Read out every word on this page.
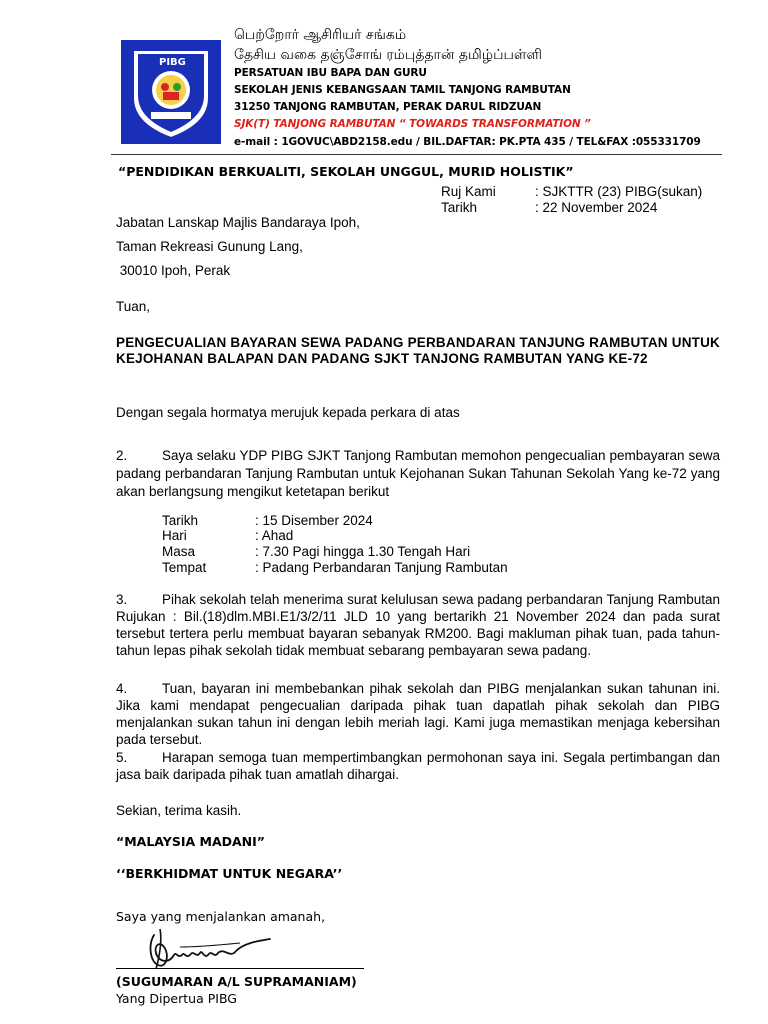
PIBG
பெற்றோர் ஆசிரியர் சங்கம்
தேசிய வகை தஞ்சோங் ரம்புத்தான் தமிழ்ப்பள்ளி
PERSATUAN IBU BAPA DAN GURU
SEKOLAH JENIS KEBANGSAAN TAMIL TANJONG RAMBUTAN
31250 TANJONG RAMBUTAN, PERAK DARUL RIDZUAN
SJK(T) TANJONG RAMBUTAN “ TOWARDS TRANSFORMATION ”
e-mail : 1GOVUC\ABD2158.edu / BIL.DAFTAR: PK.PTA 435 / TEL&FAX :055331709
“PENDIDIKAN BERKUALITI, SEKOLAH UNGGUL, MURID HOLISTIK”
Ruj Kami	: SJKTTR (23) PIBG(sukan)
Tarikh	: 22 November 2024
Jabatan Lanskap Majlis Bandaraya Ipoh,
Taman Rekreasi Gunung Lang,
30010 Ipoh, Perak
Tuan,
PENGECUALIAN BAYARAN SEWA PADANG PERBANDARAN TANJUNG RAMBUTAN UNTUK KEJOHANAN BALAPAN DAN PADANG SJKT TANJONG RAMBUTAN YANG KE-72
Dengan segala hormatya merujuk kepada perkara di atas
2.	Saya selaku YDP PIBG SJKT Tanjong Rambutan memohon pengecualian pembayaran sewa padang perbandaran Tanjung Rambutan untuk Kejohanan Sukan Tahunan Sekolah Yang ke-72 yang akan berlangsung mengikut ketetapan berikut
Tarikh	: 15 Disember 2024
Hari	: Ahad
Masa	: 7.30 Pagi hingga 1.30 Tengah Hari
Tempat	: Padang Perbandaran Tanjung Rambutan
3.	Pihak sekolah telah menerima surat kelulusan sewa padang perbandaran Tanjung Rambutan Rujukan : Bil.(18)dlm.MBI.E1/3/2/11 JLD 10 yang bertarikh 21 November 2024 dan pada surat tersebut tertera perlu membuat bayaran sebanyak RM200. Bagi makluman pihak tuan, pada tahun-tahun lepas pihak sekolah tidak membuat sebarang pembayaran sewa padang.
4.	Tuan, bayaran ini membebankan pihak sekolah dan PIBG menjalankan sukan tahunan ini. Jika kami mendapat pengecualian daripada pihak tuan dapatlah pihak sekolah dan PIBG menjalankan sukan tahun ini dengan lebih meriah lagi. Kami juga memastikan menjaga kebersihan pada tersebut.
5.	Harapan semoga tuan mempertimbangkan permohonan saya ini. Segala pertimbangan dan jasa baik daripada pihak tuan amatlah dihargai.
Sekian, terima kasih.
“MALAYSIA MADANI”
‘‘BERKHIDMAT UNTUK NEGARA’’
Saya yang menjalankan amanah,
(SUGUMARAN A/L SUPRAMANIAM)
Yang Dipertua PIBG
